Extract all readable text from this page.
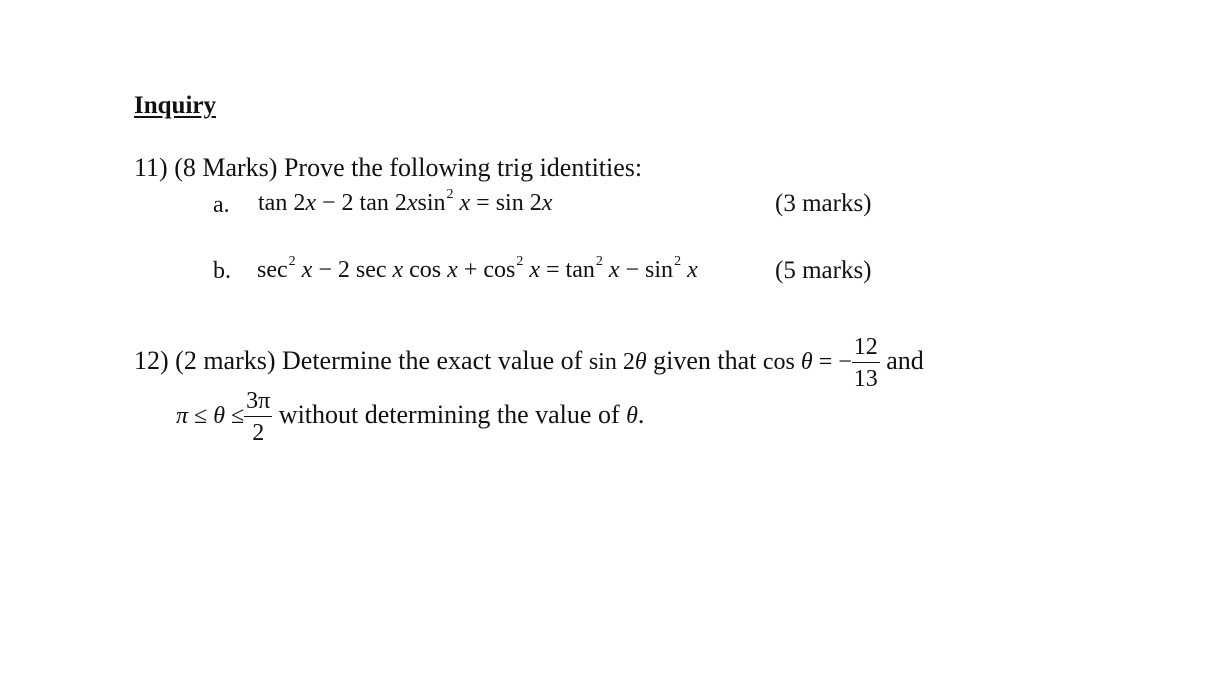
Inquiry
11) (8 Marks) Prove the following trig identities:
a. tan 2x − 2 tan 2xsin$^2$ x = sin 2x	(3 marks)
b. $\sec^2 x - 2$ sec x $\cos x + \cos^2 x = \tan^2 x - \sin^2 x$	(5 marks)
12) (2 marks) Determine the exact value of sin 2θ given that cos θ = − $\frac{12}{13}$ and
$\pi \le \theta \le \frac{3\pi}{2}$ without determining the value of θ.
